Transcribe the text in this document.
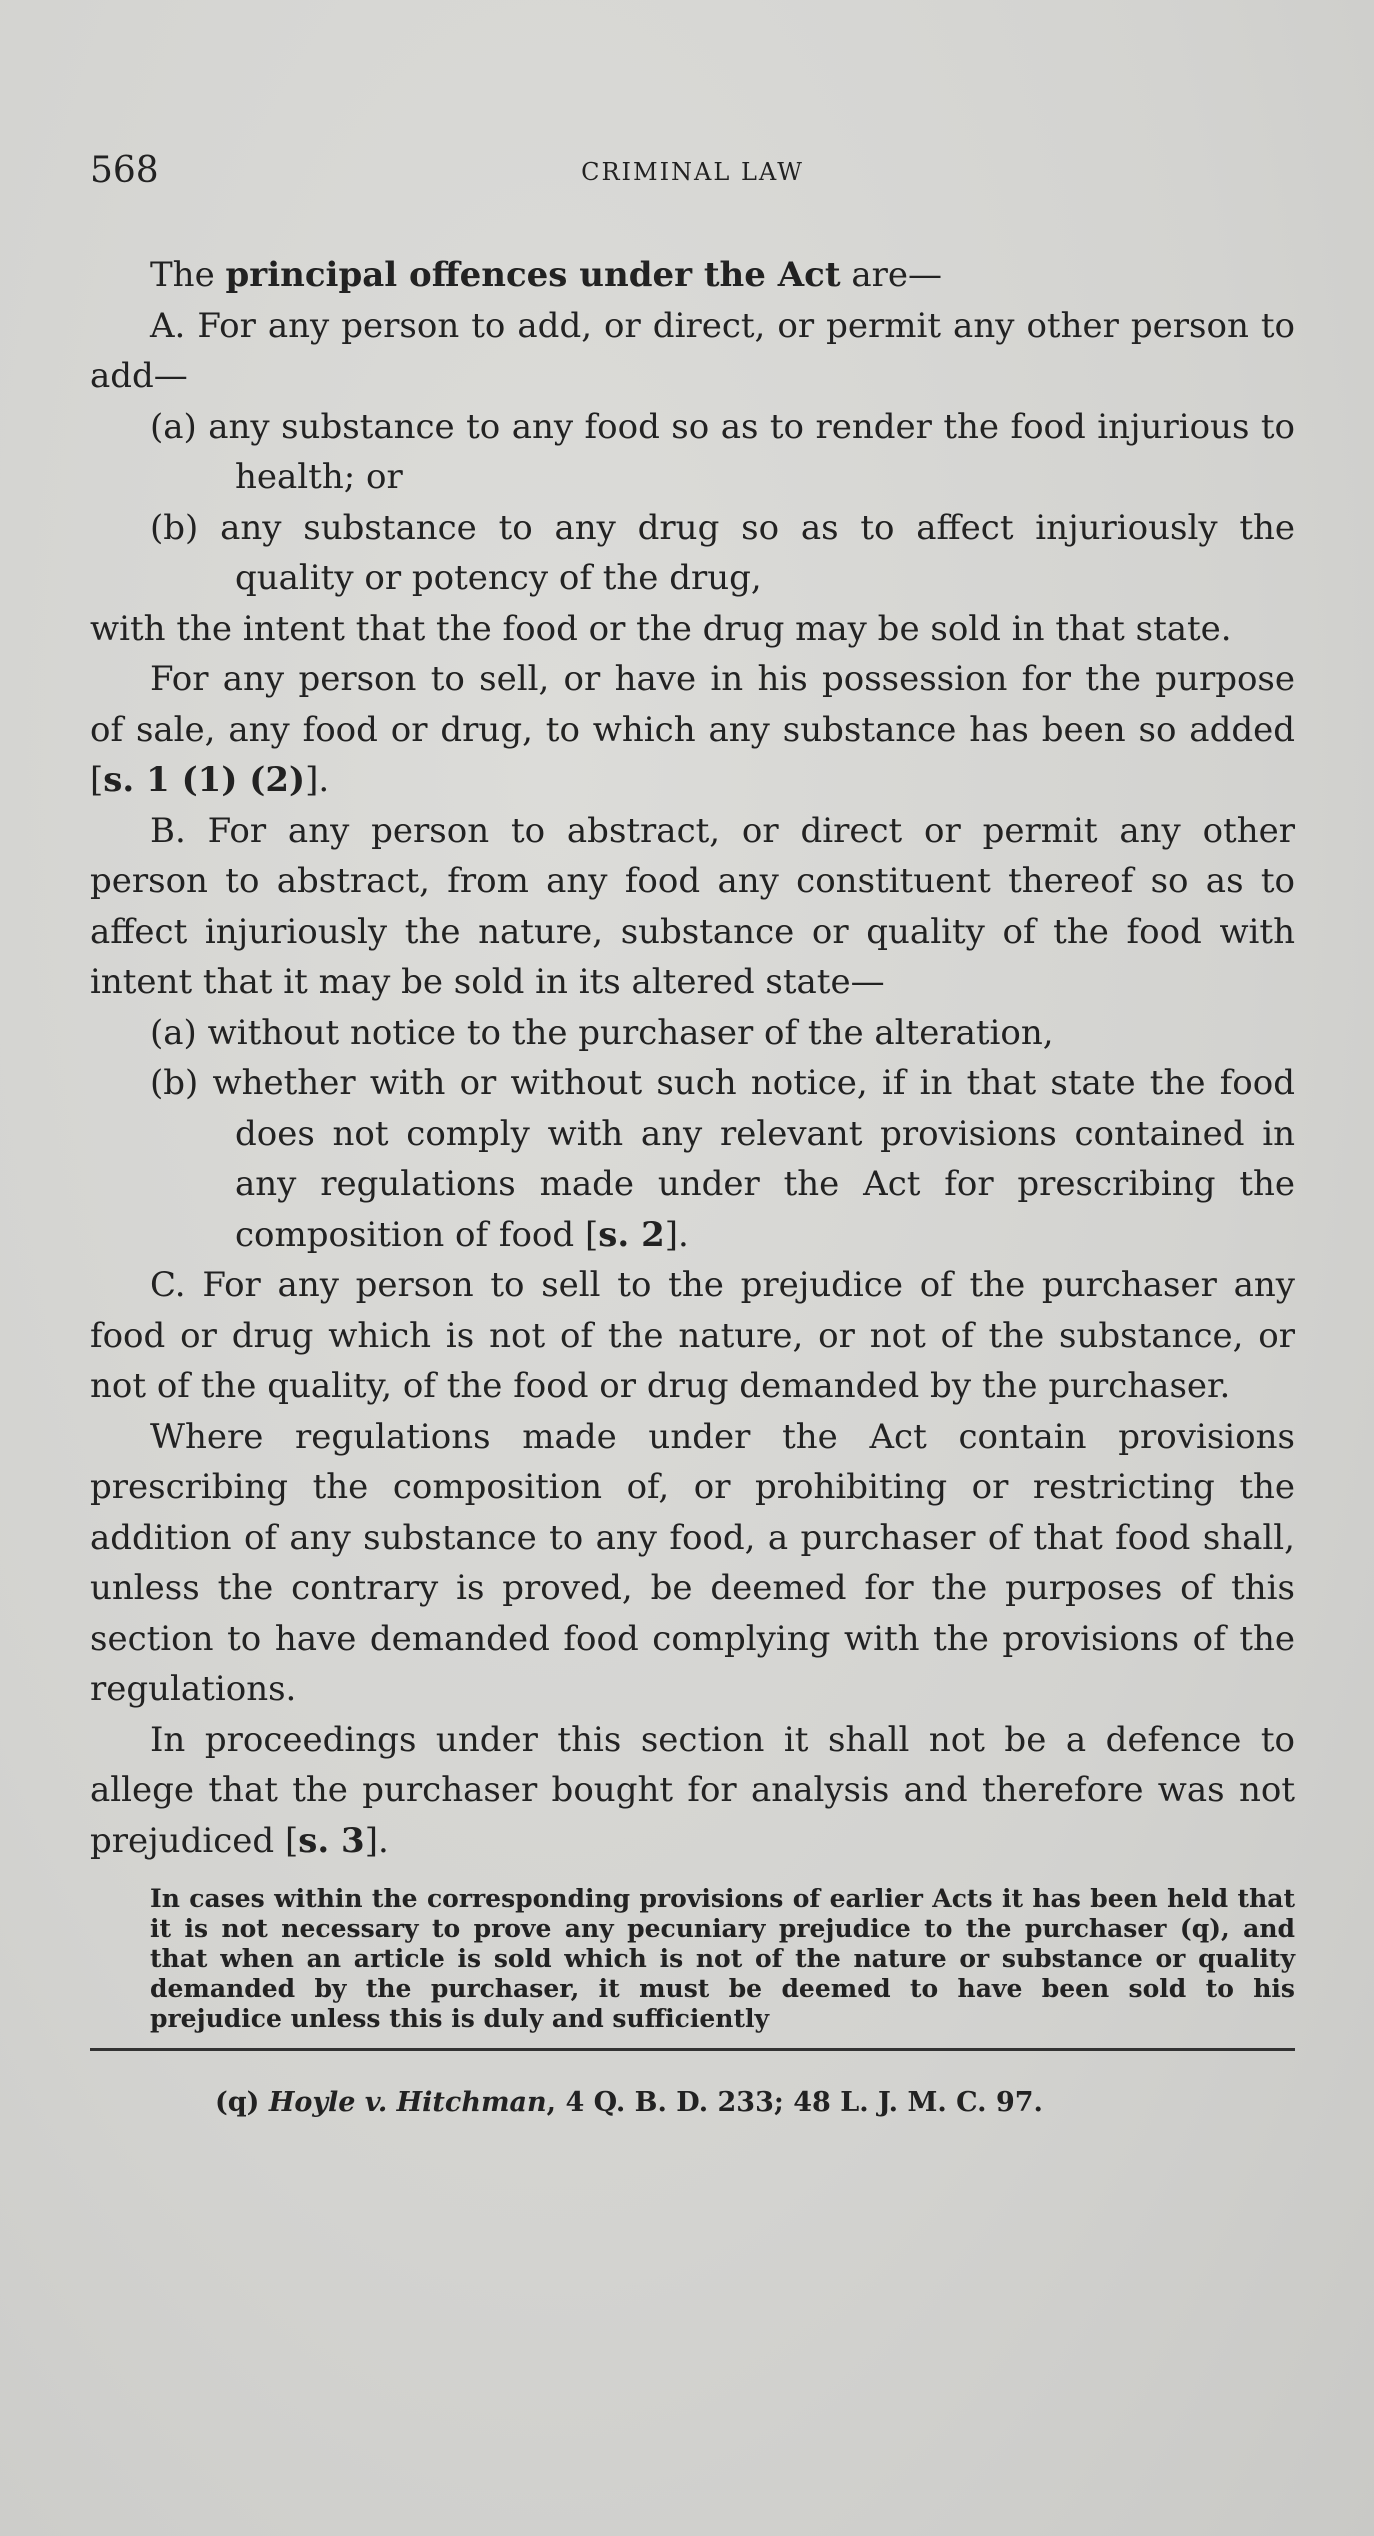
568	CRIMINAL LAW

The principal offences under the Act are—

A. For any person to add, or direct, or permit any other person to add—

(a) any substance to any food so as to render the food injurious to health; or

(b) any substance to any drug so as to affect injuriously the quality or potency of the drug,

with the intent that the food or the drug may be sold in that state.

For any person to sell, or have in his possession for the purpose of sale, any food or drug, to which any substance has been so added [s. 1 (1) (2)].

B. For any person to abstract, or direct or permit any other person to abstract, from any food any constituent thereof so as to affect injuriously the nature, substance or quality of the food with intent that it may be sold in its altered state—

(a) without notice to the purchaser of the alteration,

(b) whether with or without such notice, if in that state the food does not comply with any relevant provisions contained in any regulations made under the Act for prescribing the composition of food [s. 2].

C. For any person to sell to the prejudice of the purchaser any food or drug which is not of the nature, or not of the substance, or not of the quality, of the food or drug demanded by the purchaser.

Where regulations made under the Act contain provisions prescribing the composition of, or prohibiting or restricting the addition of any substance to any food, a purchaser of that food shall, unless the contrary is proved, be deemed for the purposes of this section to have demanded food complying with the provisions of the regulations.

In proceedings under this section it shall not be a defence to allege that the purchaser bought for analysis and therefore was not prejudiced [s. 3].

In cases within the corresponding provisions of earlier Acts it has been held that it is not necessary to prove any pecuniary prejudice to the purchaser (q), and that when an article is sold which is not of the nature or substance or quality demanded by the purchaser, it must be deemed to have been sold to his prejudice unless this is duly and sufficiently
(q) Hoyle v. Hitchman, 4 Q. B. D. 233; 48 L. J. M. C. 97.
